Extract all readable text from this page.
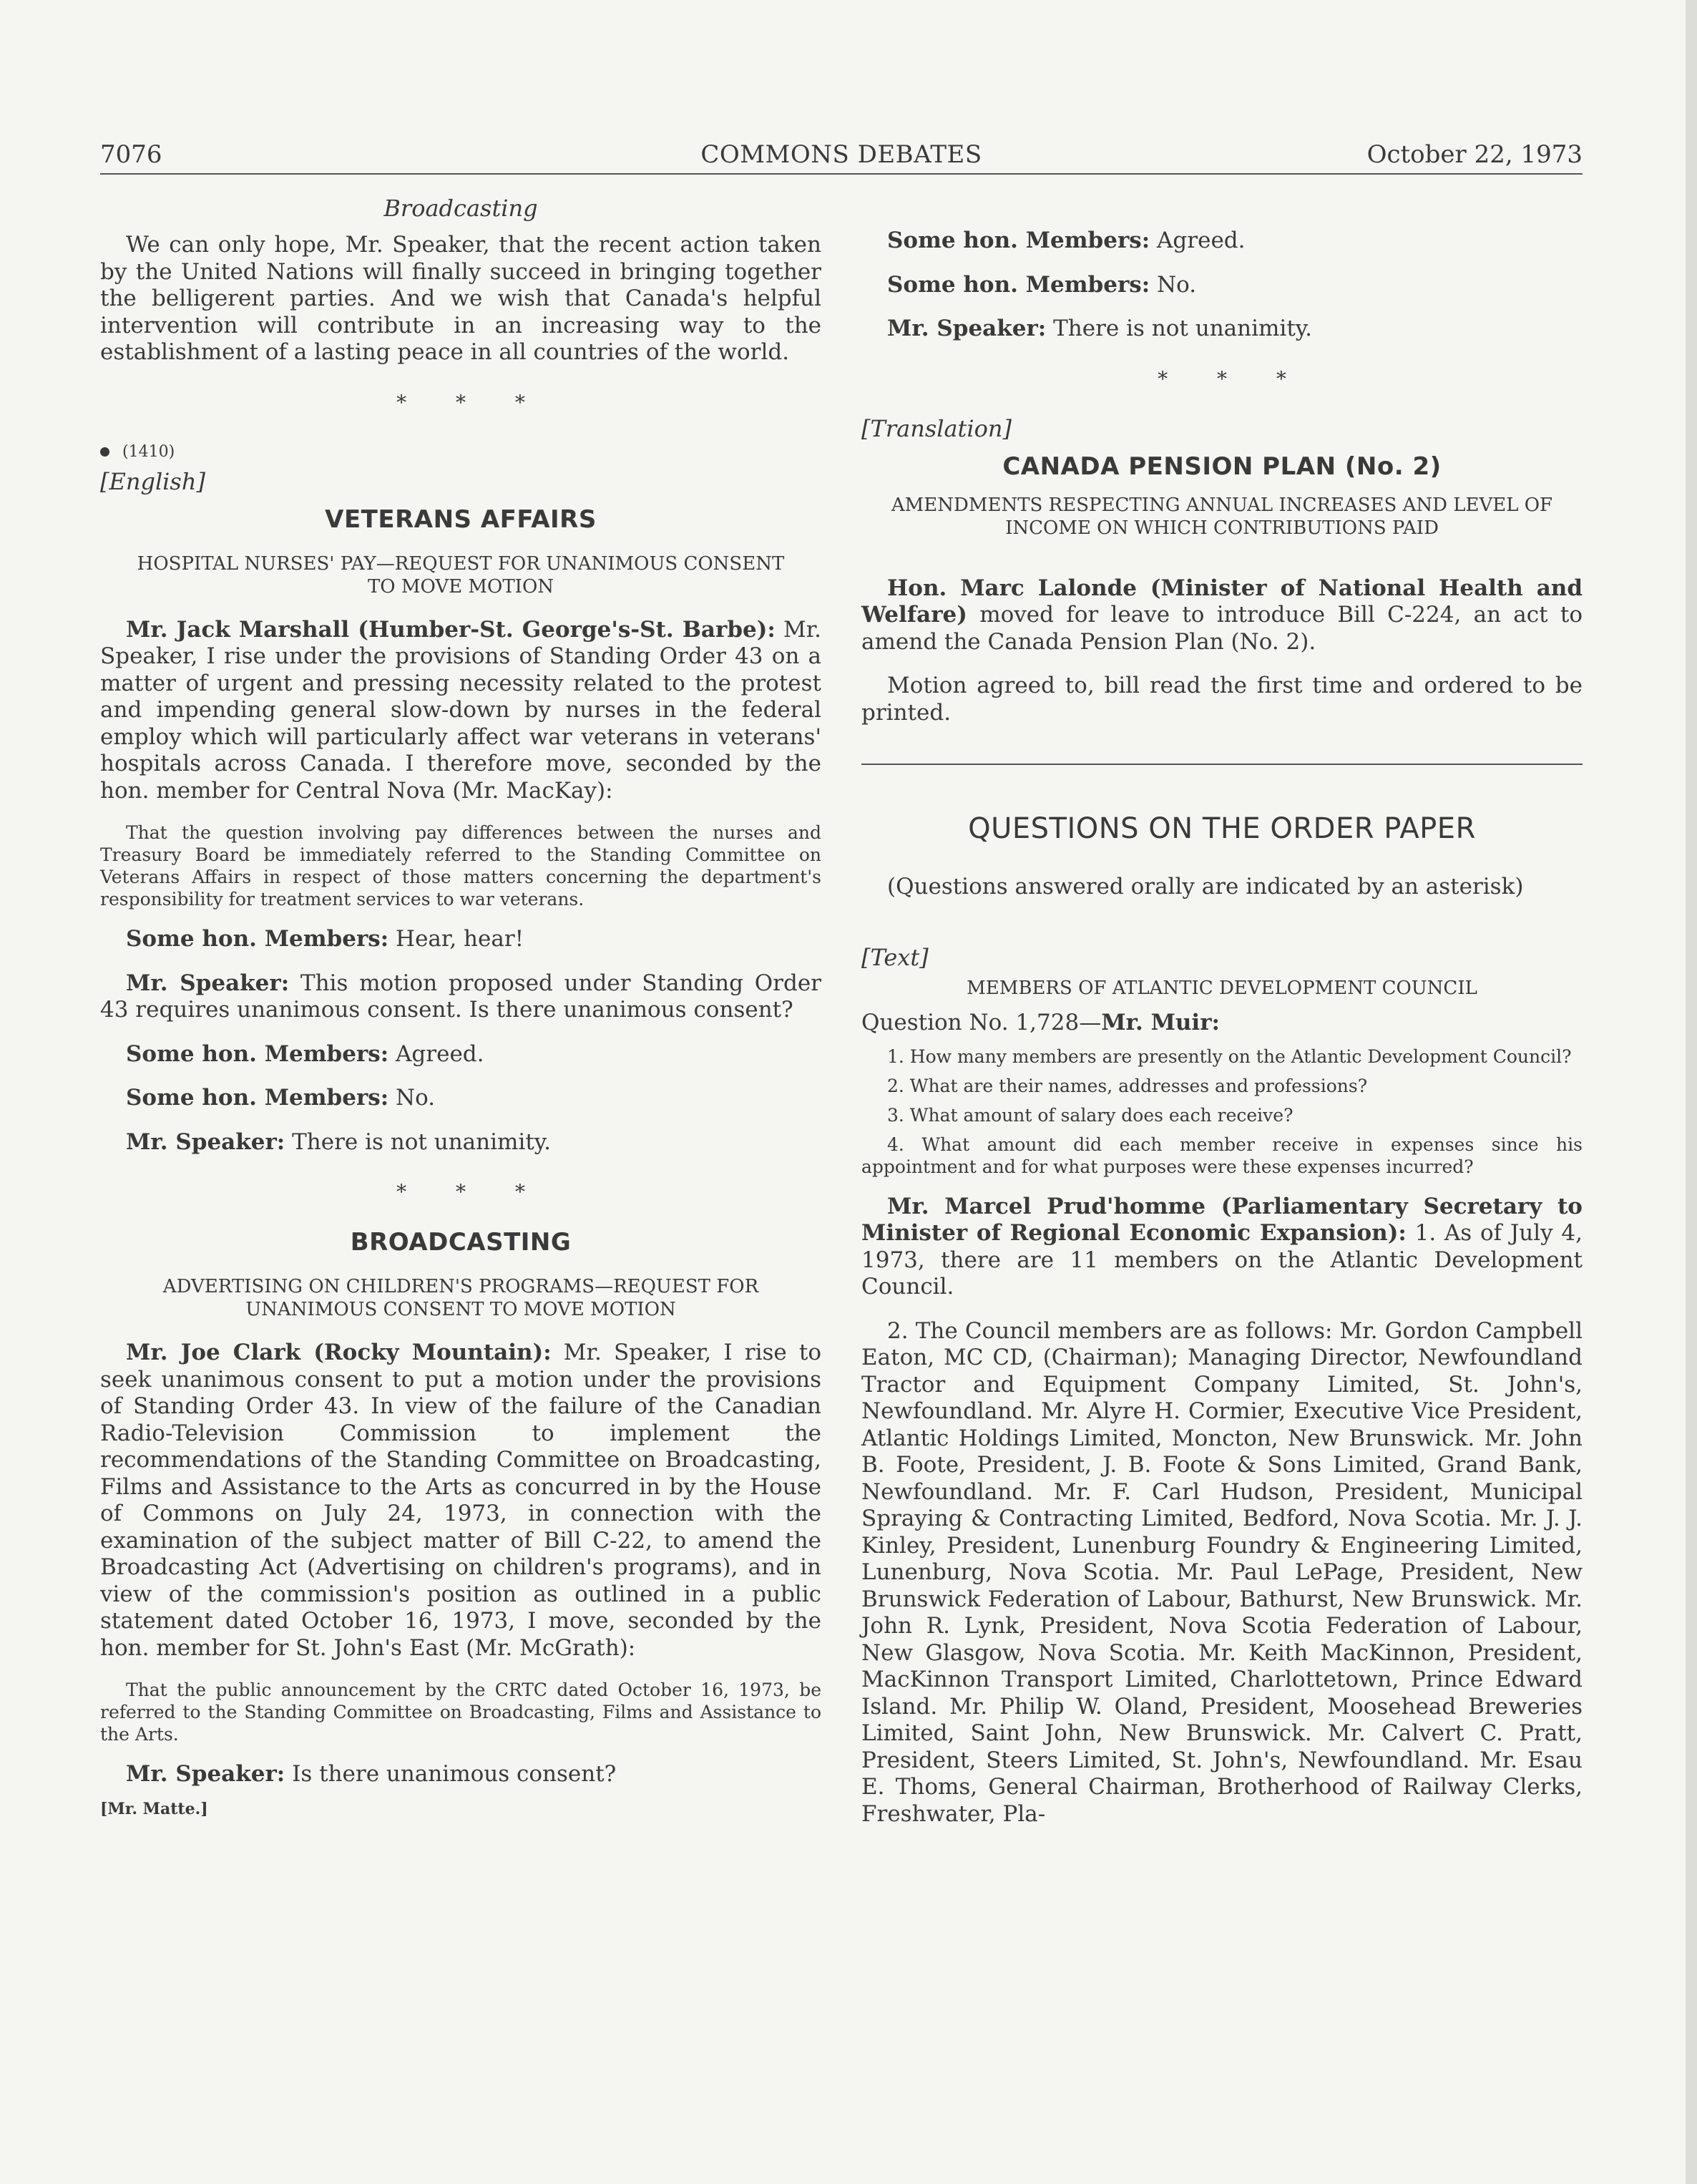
7076	COMMONS DEBATES	October 22, 1973
Broadcasting

We can only hope, Mr. Speaker, that the recent action taken by the United Nations will finally succeed in bringing together the belligerent parties. And we wish that Canada's helpful intervention will contribute in an increasing way to the establishment of a lasting peace in all countries of the world.

* * *
(1410)
[English]
VETERANS AFFAIRS
HOSPITAL NURSES' PAY—REQUEST FOR UNANIMOUS CONSENT TO MOVE MOTION

Mr. Jack Marshall (Humber-St. George's-St. Barbe): Mr. Speaker, I rise under the provisions of Standing Order 43 on a matter of urgent and pressing necessity related to the protest and impending general slow-down by nurses in the federal employ which will particularly affect war veterans in veterans' hospitals across Canada. I therefore move, seconded by the hon. member for Central Nova (Mr. MacKay):

That the question involving pay differences between the nurses and Treasury Board be immediately referred to the Standing Committee on Veterans Affairs in respect of those matters concerning the department's responsibility for treatment services to war veterans.

Some hon. Members: Hear, hear!

Mr. Speaker: This motion proposed under Standing Order 43 requires unanimous consent. Is there unanimous consent?

Some hon. Members: Agreed.

Some hon. Members: No.

Mr. Speaker: There is not unanimity.

* * *
BROADCASTING
ADVERTISING ON CHILDREN'S PROGRAMS—REQUEST FOR UNANIMOUS CONSENT TO MOVE MOTION

Mr. Joe Clark (Rocky Mountain): Mr. Speaker, I rise to seek unanimous consent to put a motion under the provisions of Standing Order 43. In view of the failure of the Canadian Radio-Television Commission to implement the recommendations of the Standing Committee on Broadcasting, Films and Assistance to the Arts as concurred in by the House of Commons on July 24, 1973, in connection with the examination of the subject matter of Bill C-22, to amend the Broadcasting Act (Advertising on children's programs), and in view of the commission's position as outlined in a public statement dated October 16, 1973, I move, seconded by the hon. member for St. John's East (Mr. McGrath):

That the public announcement by the CRTC dated October 16, 1973, be referred to the Standing Committee on Broadcasting, Films and Assistance to the Arts.

Mr. Speaker: Is there unanimous consent?

[Mr. Matte.]

Some hon. Members: Agreed.

Some hon. Members: No.

Mr. Speaker: There is not unanimity.

* * *
[Translation]
CANADA PENSION PLAN (No. 2)
AMENDMENTS RESPECTING ANNUAL INCREASES AND LEVEL OF INCOME ON WHICH CONTRIBUTIONS PAID

Hon. Marc Lalonde (Minister of National Health and Welfare) moved for leave to introduce Bill C-224, an act to amend the Canada Pension Plan (No. 2).

Motion agreed to, bill read the first time and ordered to be printed.

QUESTIONS ON THE ORDER PAPER

(Questions answered orally are indicated by an asterisk)

[Text]
MEMBERS OF ATLANTIC DEVELOPMENT COUNCIL

Question No. 1,728—Mr. Muir:

1. How many members are presently on the Atlantic Development Council?

2. What are their names, addresses and professions?

3. What amount of salary does each receive?

4. What amount did each member receive in expenses since his appointment and for what purposes were these expenses incurred?

Mr. Marcel Prud'homme (Parliamentary Secretary to Minister of Regional Economic Expansion): 1. As of July 4, 1973, there are 11 members on the Atlantic Development Council.

2. The Council members are as follows: Mr. Gordon Campbell Eaton, MC CD, (Chairman); Managing Director, Newfoundland Tractor and Equipment Company Limited, St. John's, Newfoundland. Mr. Alyre H. Cormier, Executive Vice President, Atlantic Holdings Limited, Moncton, New Brunswick. Mr. John B. Foote, President, J. B. Foote & Sons Limited, Grand Bank, Newfoundland. Mr. F. Carl Hudson, President, Municipal Spraying & Contracting Limited, Bedford, Nova Scotia. Mr. J. J. Kinley, President, Lunenburg Foundry & Engineering Limited, Lunenburg, Nova Scotia. Mr. Paul LePage, President, New Brunswick Federation of Labour, Bathurst, New Brunswick. Mr. John R. Lynk, President, Nova Scotia Federation of Labour, New Glasgow, Nova Scotia. Mr. Keith MacKinnon, President, MacKinnon Transport Limited, Charlottetown, Prince Edward Island. Mr. Philip W. Oland, President, Moosehead Breweries Limited, Saint John, New Brunswick. Mr. Calvert C. Pratt, President, Steers Limited, St. John's, Newfoundland. Mr. Esau E. Thoms, General Chairman, Brotherhood of Railway Clerks, Freshwater, Pla-
